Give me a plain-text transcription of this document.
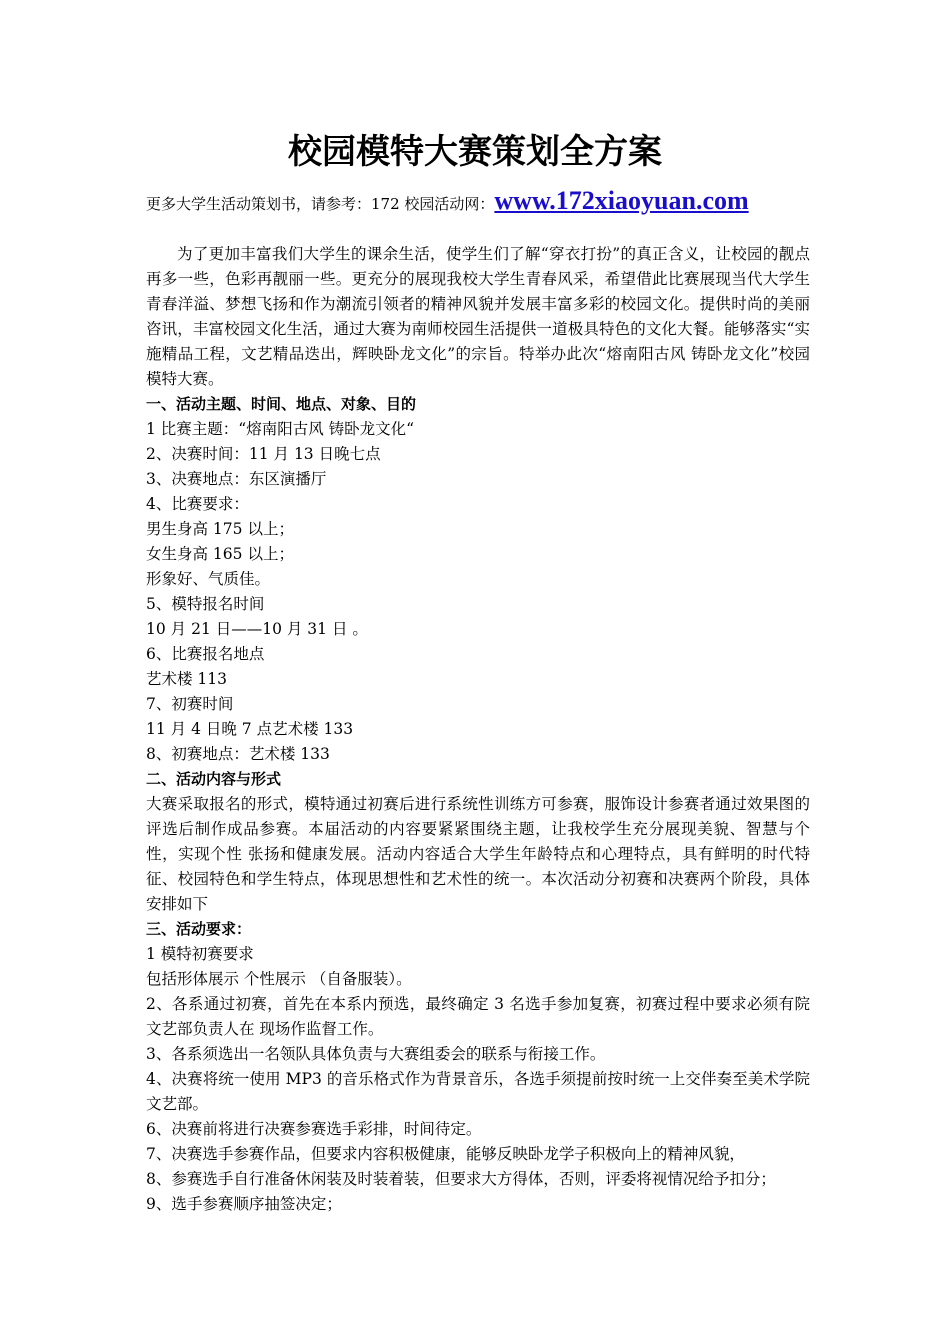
校园模特大赛策划全方案
更多大学生活动策划书，请参考：172 校园活动网：www.172xiaoyuan.com

为了更加丰富我们大学生的课余生活，使学生们了解“穿衣打扮”的真正含义，让校园的靓点再多一些，色彩再靓丽一些。更充分的展现我校大学生青春风采，希望借此比赛展现当代大学生青春洋溢、梦想飞扬和作为潮流引领者的精神风貌并发展丰富多彩的校园文化。提供时尚的美丽咨讯，丰富校园文化生活，通过大赛为南师校园生活提供一道极具特色的文化大餐。能够落实“实施精品工程，文艺精品迭出，辉映卧龙文化”的宗旨。特举办此次“熔南阳古风 铸卧龙文化”校园模特大赛。

一、活动主题、时间、地点、对象、目的

1 比赛主题：“熔南阳古风 铸卧龙文化“

2、决赛时间：11 月 13 日晚七点

3、决赛地点：东区演播厅

4、比赛要求：

男生身高 175 以上；

女生身高 165 以上；

形象好、气质佳。

5、模特报名时间

10 月 21 日——10 月 31 日 。

6、比赛报名地点

艺术楼 113

7、初赛时间

11 月 4 日晚 7 点艺术楼 133

8、初赛地点：艺术楼 133

二、活动内容与形式

大赛采取报名的形式，模特通过初赛后进行系统性训练方可参赛，服饰设计参赛者通过效果图的评选后制作成品参赛。本届活动的内容要紧紧围绕主题，让我校学生充分展现美貌、智慧与个性，实现个性 张扬和健康发展。活动内容适合大学生年龄特点和心理特点，具有鲜明的时代特征、校园特色和学生特点，体现思想性和艺术性的统一。本次活动分初赛和决赛两个阶段，具体安排如下

三、活动要求：

1 模特初赛要求

包括形体展示 个性展示 （自备服装）。

2、各系通过初赛，首先在本系内预选，最终确定 3 名选手参加复赛，初赛过程中要求必须有院文艺部负责人在 现场作监督工作。

3、各系须选出一名领队具体负责与大赛组委会的联系与衔接工作。

4、决赛将统一使用 MP3 的音乐格式作为背景音乐，各选手须提前按时统一上交伴奏至美术学院文艺部。

6、决赛前将进行决赛参赛选手彩排，时间待定。

7、决赛选手参赛作品，但要求内容积极健康，能够反映卧龙学子积极向上的精神风貌，

8、参赛选手自行准备休闲装及时装着装，但要求大方得体，否则，评委将视情况给予扣分；

9、选手参赛顺序抽签决定；
